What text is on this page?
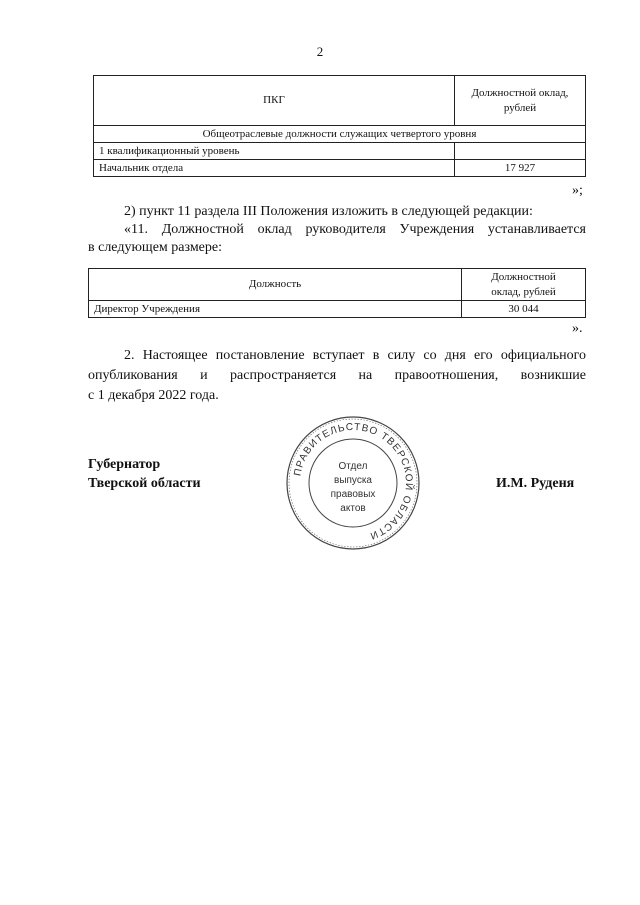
2
ПКГ	Должностной оклад,
рублей
Общеотраслевые должности служащих четвертого уровня	
1 квалификационный уровень	
Начальник отдела	17 927
»;
2) пункт 11 раздела III Положения изложить в следующей редакции:
«11. Должностной оклад руководителя Учреждения устанавливается
в следующем размере:
Должность	Должностной
оклад, рублей
Директор Учреждения	30 044
».
2. Настоящее постановление вступает в силу со дня его официального
опубликования и распространяется на правоотношения, возникшие
с 1 декабря 2022 года.
Губернатор
Тверской области	И.М. Руденя
ПРАВИТЕЛЬСТВО ТВЕРСКОЙ ОБЛАСТИ
Отдел
выпуска
правовых
актов
